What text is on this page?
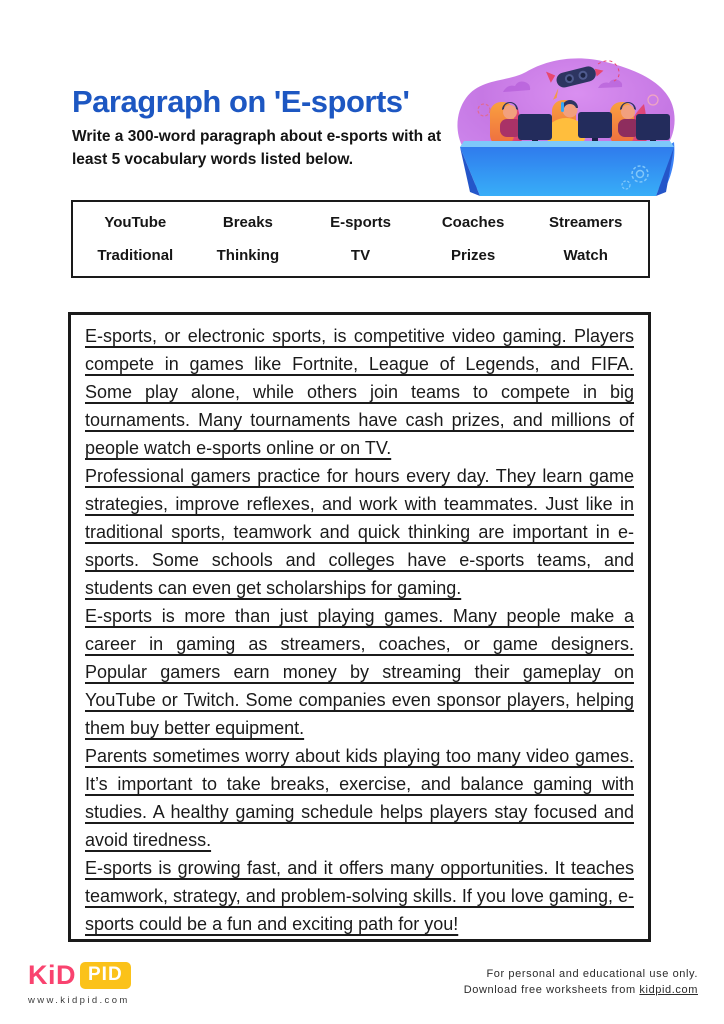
Paragraph on 'E-sports'
Write a 300-word paragraph about e-sports with at least 5 vocabulary words listed below.
YouTube	Breaks	E-sports	Coaches	Streamers
Traditional	Thinking	TV	Prizes	Watch

E-sports, or electronic sports, is competitive video gaming. Players compete in games like Fortnite, League of Legends, and FIFA. Some play alone, while others join teams to compete in big tournaments. Many tournaments have cash prizes, and millions of people watch e-sports online or on TV.

Professional gamers practice for hours every day. They learn game strategies, improve reflexes, and work with teammates. Just like in traditional sports, teamwork and quick thinking are important in e-sports. Some schools and colleges have e-sports teams, and students can even get scholarships for gaming.

E-sports is more than just playing games. Many people make a career in gaming as streamers, coaches, or game designers. Popular gamers earn money by streaming their gameplay on YouTube or Twitch. Some companies even sponsor players, helping them buy better equipment.

Parents sometimes worry about kids playing too many video games. It’s important to take breaks, exercise, and balance gaming with studies. A healthy gaming schedule helps players stay focused and avoid tiredness.

E-sports is growing fast, and it offers many opportunities. It teaches teamwork, strategy, and problem-solving skills. If you love gaming, e-sports could be a fun and exciting path for you!

KiD PID
www.kidpid.com
For personal and educational use only.
Download free worksheets from kidpid.com
